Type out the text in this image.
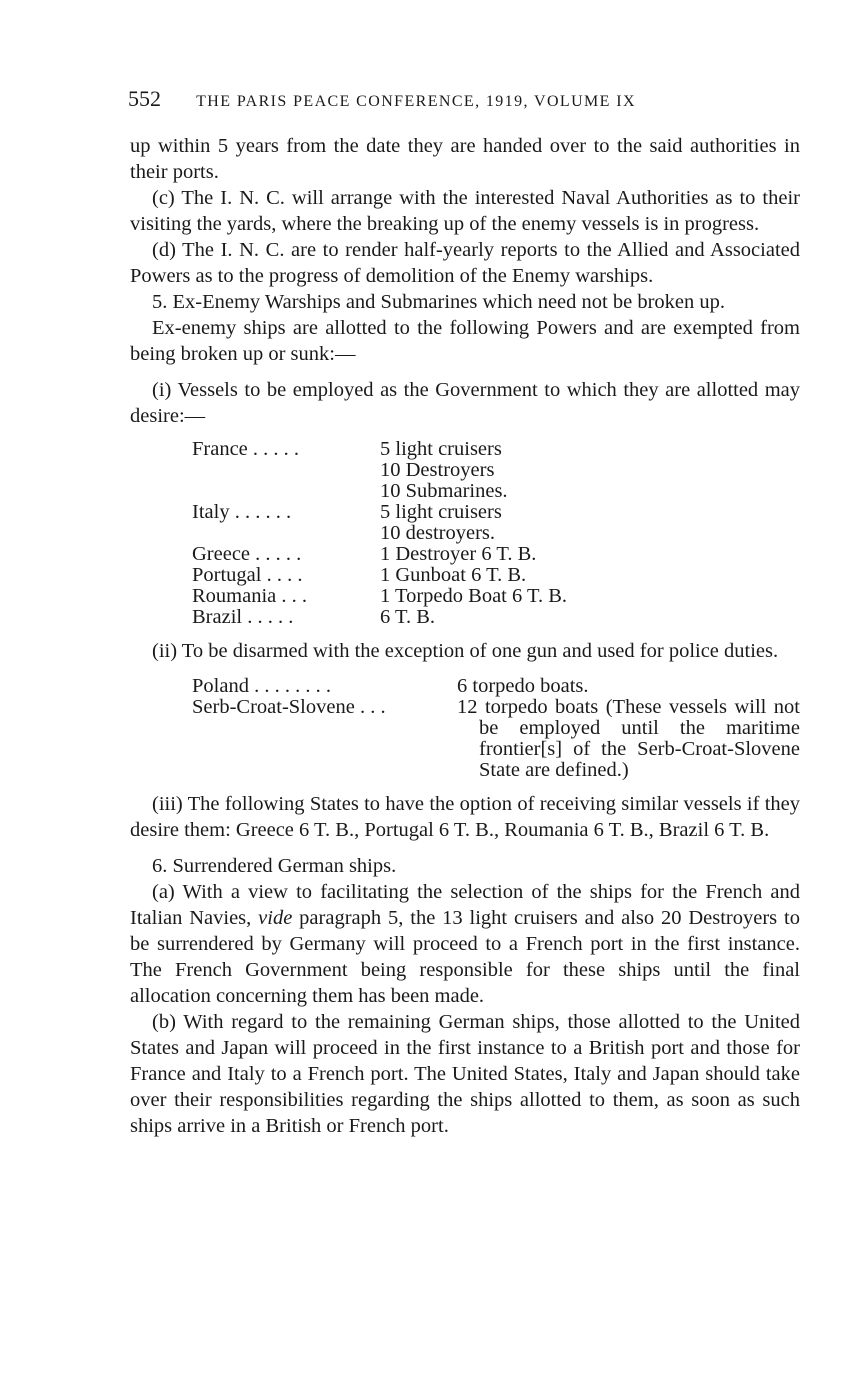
552 THE PARIS PEACE CONFERENCE, 1919, VOLUME IX

up within 5 years from the date they are handed over to the said authorities in their ports.

(c) The I. N. C. will arrange with the interested Naval Authorities as to their visiting the yards, where the breaking up of the enemy vessels is in progress.

(d) The I. N. C. are to render half-yearly reports to the Allied and Associated Powers as to the progress of demolition of the Enemy warships.

5. Ex-Enemy Warships and Submarines which need not be broken up.

Ex-enemy ships are allotted to the following Powers and are exempted from being broken up or sunk:—

(i) Vessels to be employed as the Government to which they are allotted may desire:—

France . . . . .	5 light cruisers
	10 Destroyers
	10 Submarines.
Italy . . . . . .	5 light cruisers
	10 destroyers.
Greece . . . . .	1 Destroyer 6 T. B.
Portugal . . . .	1 Gunboat 6 T. B.
Roumania . . .	1 Torpedo Boat 6 T. B.
Brazil . . . . .	6 T. B.

(ii) To be disarmed with the exception of one gun and used for police duties.

Poland . . . . . . . .	6 torpedo boats.

Serb-Croat-Slovene . . .	12 torpedo boats (These vessels will not be employed until the maritime frontier[s] of the Serb-Croat-Slovene State are defined.)

(iii) The following States to have the option of receiving similar vessels if they desire them: Greece 6 T. B., Portugal 6 T. B., Roumania 6 T. B., Brazil 6 T. B.

6. Surrendered German ships.

(a) With a view to facilitating the selection of the ships for the French and Italian Navies, vide paragraph 5, the 13 light cruisers and also 20 Destroyers to be surrendered by Germany will proceed to a French port in the first instance. The French Government being responsible for these ships until the final allocation concerning them has been made.

(b) With regard to the remaining German ships, those allotted to the United States and Japan will proceed in the first instance to a British port and those for France and Italy to a French port. The United States, Italy and Japan should take over their responsibilities regarding the ships allotted to them, as soon as such ships arrive in a British or French port.
